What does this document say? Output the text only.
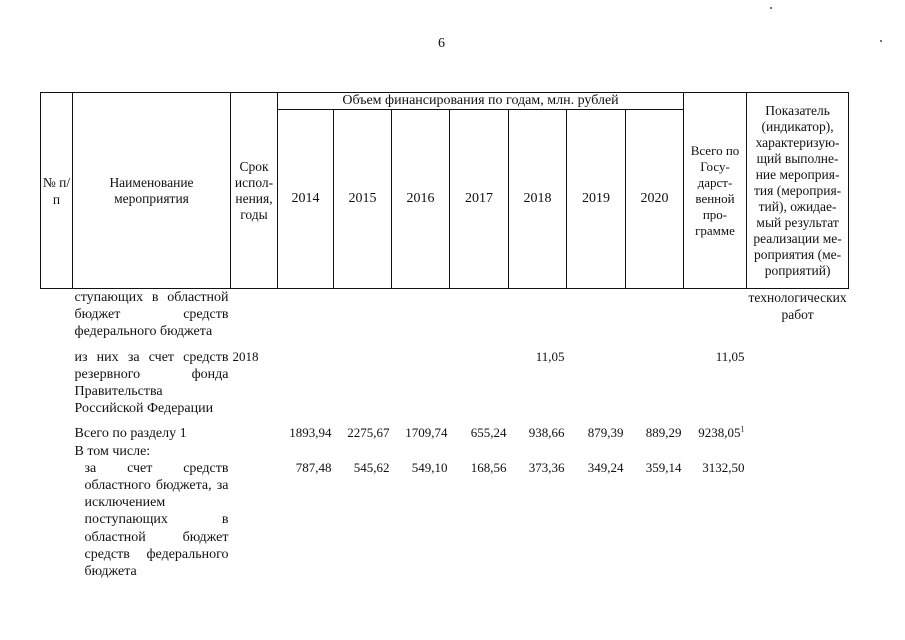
6
№ п/п	Наименование мероприятия	Срок испол-нения, годы	Объем финансирования по годам, млн. рублей							Всего по Госу-дарст-венной про-грамме	Показатель (индикатор), характеризую-щий выполне-ние мероприя-тия (мероприя-тий), ожидае-мый результат реализации ме-роприятия (ме-роприятий)
			2014	2015	2016	2017	2018	2019	2020		
	ступающих в областной бюджет средств федерального бюджета										технологических работ

	из них за счет средств резервного фонда Правительства Российской Федерации	2018					11,05			11,05	

	Всего по разделу 1		1893,94	2275,67	1709,74	655,24	938,66	879,39	889,29	9238,05$^1$	
	В том числе:										
	за счет средств областного бюджета, за исключением поступающих в областной бюджет средств федерального бюджета		787,48	545,62	549,10	168,56	373,36	349,24	359,14	3132,50	
